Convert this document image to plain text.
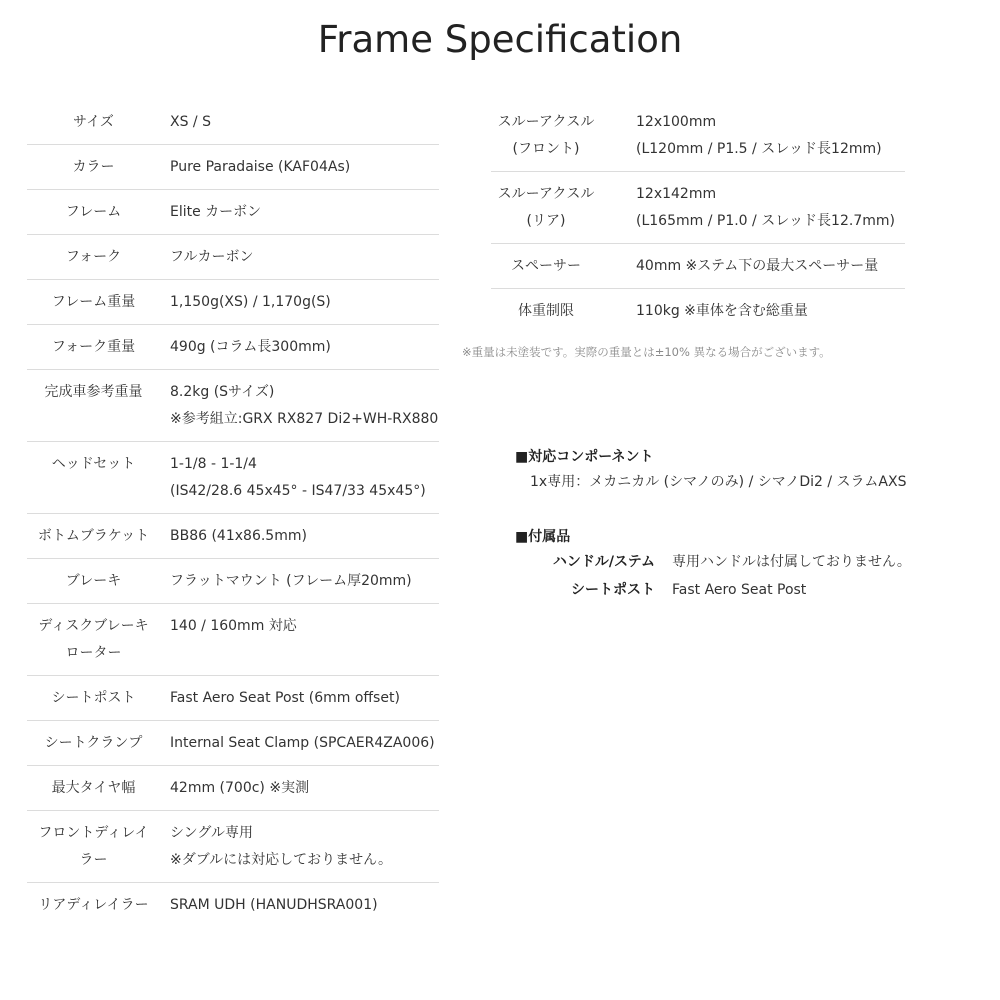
Frame Specification
サイズ	XS / S

カラー	Pure Paradaise (KAF04As)

フレーム	Elite カーボン

フォーク	フルカーボン

フレーム重量	1,150g(XS) / 1,170g(S)

フォーク重量	490g (コラム長300mm)

完成車参考重量	8.2kg (Sサイズ)
※参考組立:GRX RX827 Di2+WH-RX880

ヘッドセット	1-1/8 - 1-1/4
(IS42/28.6 45x45° - IS47/33 45x45°)

ボトムブラケット	BB86 (41x86.5mm)

ブレーキ	フラットマウント (フレーム厚20mm)

ディスクブレーキ
ローター	140 / 160mm 対応

シートポスト	Fast Aero Seat Post (6mm offset)

シートクランプ	Internal Seat Clamp (SPCAER4ZA006)

最大タイヤ幅	42mm (700c) ※実測

フロントディレイ
ラー	シングル専用
※ダブルには対応しておりません。

リアディレイラー	SRAM UDH (HANUDHSRA001)
スルーアクスル
(フロント)	12x100mm
(L120mm / P1.5 / スレッド長12mm)

スルーアクスル
(リア)	12x142mm
(L165mm / P1.0 / スレッド長12.7mm)

スペーサー	40mm ※ステム下の最大スペーサー量

体重制限	110kg ※車体を含む総重量
※重量は未塗装です。実際の重量とは±10% 異なる場合がございます。
■対応コンポーネント
1x専用：メカニカル (シマノのみ) / シマノDi2 / スラムAXS
■付属品
ハンドル/ステム	専用ハンドルは付属しておりません。
シートポスト	Fast Aero Seat Post
